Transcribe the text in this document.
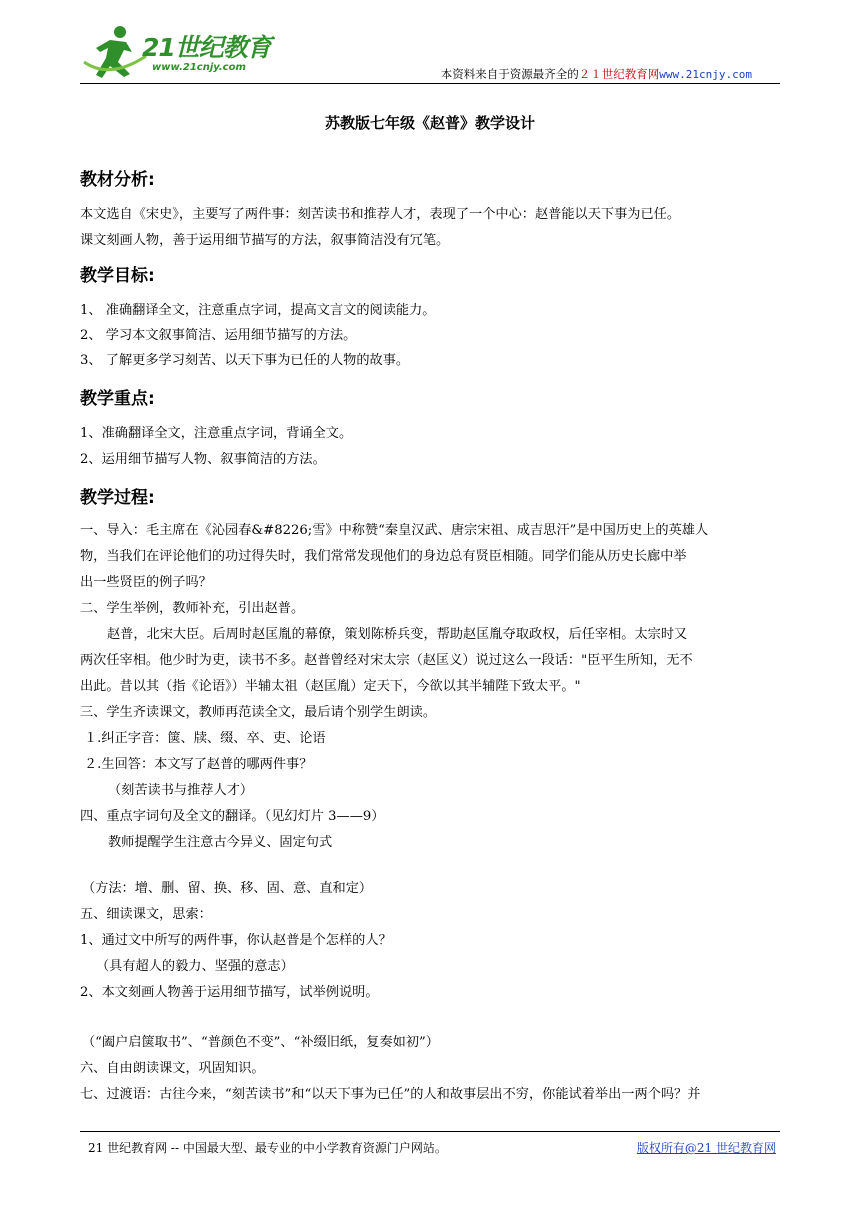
21世纪教育
www.21cnjy.com	本资料来自于资源最齐全的２１世纪教育网www.21cnjy.com
苏教版七年级《赵普》教学设计
教材分析:
本文选自《宋史》，主要写了两件事：刻苦读书和推荐人才，表现了一个中心：赵普能以天下事为已任。
课文刻画人物，善于运用细节描写的方法，叙事简洁没有冗笔。
教学目标:
1、 准确翻译全文，注意重点字词，提高文言文的阅读能力。
2、 学习本文叙事简洁、运用细节描写的方法。
3、 了解更多学习刻苦、以天下事为已任的人物的故事。
教学重点:
1、准确翻译全文，注意重点字词，背诵全文。
2、运用细节描写人物、叙事简洁的方法。
教学过程:
一、导入：毛主席在《沁园春&#8226;雪》中称赞“秦皇汉武、唐宗宋祖、成吉思汗”是中国历史上的英雄人
物，当我们在评论他们的功过得失时，我们常常发现他们的身边总有贤臣相随。同学们能从历史长廊中举
出一些贤臣的例子吗？
二、学生举例，教师补充，引出赵普。
赵普，北宋大臣。后周时赵匡胤的幕僚，策划陈桥兵变，帮助赵匡胤夺取政权，后任宰相。太宗时又
两次任宰相。他少时为吏，读书不多。赵普曾经对宋太宗（赵匡义）说过这么一段话："臣平生所知，无不
出此。昔以其（指《论语》）半辅太祖（赵匡胤）定天下，今欲以其半辅陛下致太平。"
三、学生齐读课文，教师再范读全文，最后请个别学生朗读。
１.纠正字音：箧、牍、缀、卒、吏、论语
２.生回答：本文写了赵普的哪两件事？
（刻苦读书与推荐人才）
四、重点字词句及全文的翻译。（见幻灯片 3——9）
教师提醒学生注意古今异义、固定句式
（方法：增、删、留、换、移、固、意、直和定）
五、细读课文，思索：
1、通过文中所写的两件事，你认赵普是个怎样的人？
（具有超人的毅力、坚强的意志）
2、本文刻画人物善于运用细节描写，试举例说明。
（“阖户启箧取书”、“普颜色不变”、“补缀旧纸，复奏如初”）
六、自由朗读课文，巩固知识。
七、过渡语：古往今来，“刻苦读书”和“以天下事为已任”的人和故事层出不穷，你能试着举出一两个吗？并
21 世纪教育网 -- 中国最大型、最专业的中小学教育资源门户网站。	版权所有@21 世纪教育网
